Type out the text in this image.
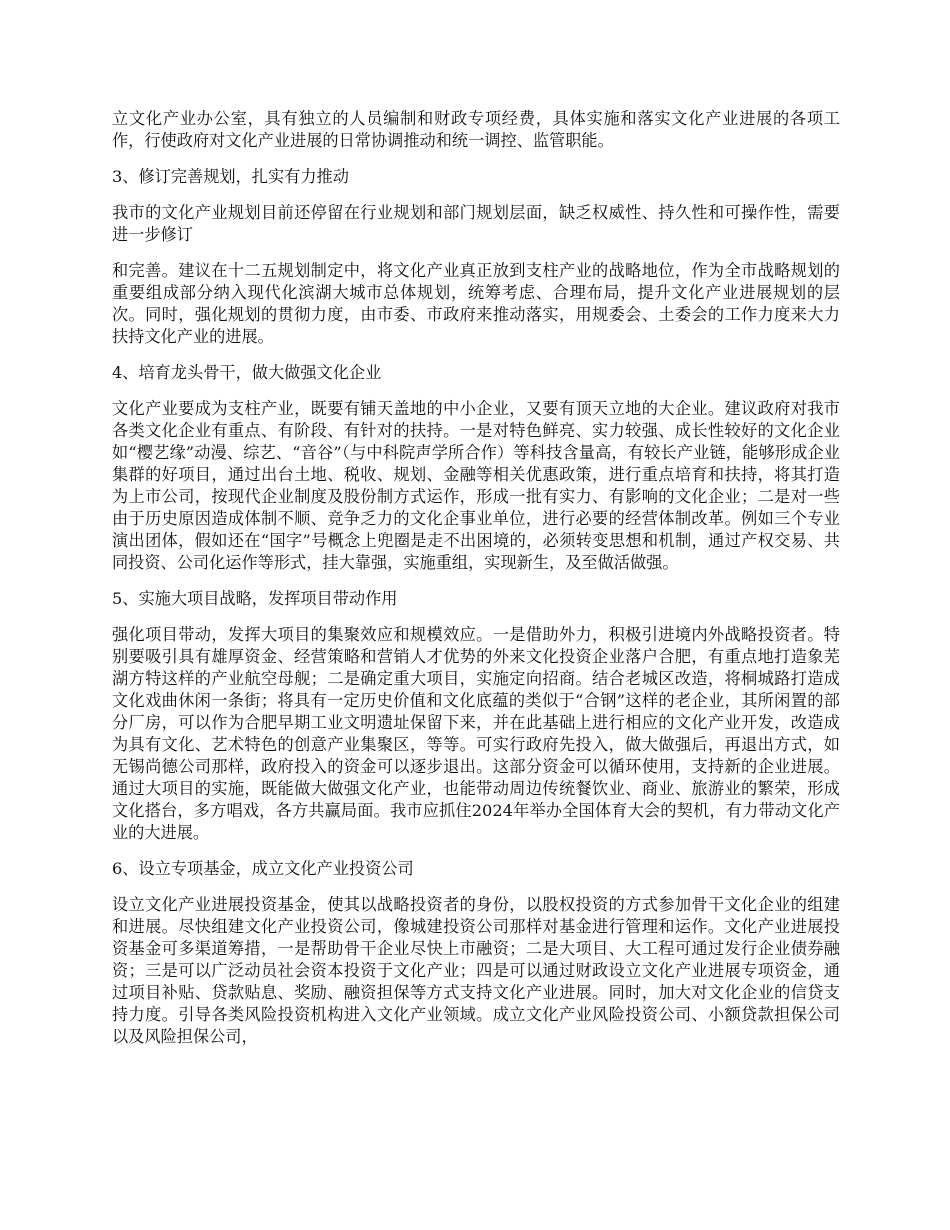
立文化产业办公室，具有独立的人员编制和财政专项经费，具体实施和落实文化产业进展的各项工作，行使政府对文化产业进展的日常协调推动和统一调控、监管职能。

3、修订完善规划，扎实有力推动

我市的文化产业规划目前还停留在行业规划和部门规划层面，缺乏权威性、持久性和可操作性，需要进一步修订

和完善。建议在十二五规划制定中，将文化产业真正放到支柱产业的战略地位，作为全市战略规划的重要组成部分纳入现代化滨湖大城市总体规划，统筹考虑、合理布局，提升文化产业进展规划的层次。同时，强化规划的贯彻力度，由市委、市政府来推动落实，用规委会、土委会的工作力度来大力扶持文化产业的进展。

4、培育龙头骨干，做大做强文化企业

文化产业要成为支柱产业，既要有铺天盖地的中小企业，又要有顶天立地的大企业。建议政府对我市各类文化企业有重点、有阶段、有针对的扶持。一是对特色鲜亮、实力较强、成长性较好的文化企业如“樱艺缘”动漫、综艺、“音谷”（与中科院声学所合作）等科技含量高，有较长产业链，能够形成企业集群的好项目，通过出台土地、税收、规划、金融等相关优惠政策，进行重点培育和扶持，将其打造为上市公司，按现代企业制度及股份制方式运作，形成一批有实力、有影响的文化企业；二是对一些由于历史原因造成体制不顺、竞争乏力的文化企事业单位，进行必要的经营体制改革。例如三个专业演出团体，假如还在“国字”号概念上兜圈是走不出困境的，必须转变思想和机制，通过产权交易、共同投资、公司化运作等形式，挂大靠强，实施重组，实现新生，及至做活做强。

5、实施大项目战略，发挥项目带动作用

强化项目带动，发挥大项目的集聚效应和规模效应。一是借助外力，积极引进境内外战略投资者。特别要吸引具有雄厚资金、经营策略和营销人才优势的外来文化投资企业落户合肥，有重点地打造象芜湖方特这样的产业航空母舰；二是确定重大项目，实施定向招商。结合老城区改造，将桐城路打造成文化戏曲休闲一条街；将具有一定历史价值和文化底蕴的类似于“合钢”这样的老企业，其所闲置的部分厂房，可以作为合肥早期工业文明遗址保留下来，并在此基础上进行相应的文化产业开发，改造成为具有文化、艺术特色的创意产业集聚区，等等。可实行政府先投入，做大做强后，再退出方式，如无锡尚德公司那样，政府投入的资金可以逐步退出。这部分资金可以循环使用，支持新的企业进展。通过大项目的实施，既能做大做强文化产业，也能带动周边传统餐饮业、商业、旅游业的繁荣，形成文化搭台，多方唱戏，各方共赢局面。我市应抓住2024年举办全国体育大会的契机，有力带动文化产业的大进展。

6、设立专项基金，成立文化产业投资公司

设立文化产业进展投资基金，使其以战略投资者的身份，以股权投资的方式参加骨干文化企业的组建和进展。尽快组建文化产业投资公司，像城建投资公司那样对基金进行管理和运作。文化产业进展投资基金可多渠道筹措，一是帮助骨干企业尽快上市融资；二是大项目、大工程可通过发行企业债券融资；三是可以广泛动员社会资本投资于文化产业；四是可以通过财政设立文化产业进展专项资金，通过项目补贴、贷款贴息、奖励、融资担保等方式支持文化产业进展。同时，加大对文化企业的信贷支持力度。引导各类风险投资机构进入文化产业领域。成立文化产业风险投资公司、小额贷款担保公司以及风险担保公司，
